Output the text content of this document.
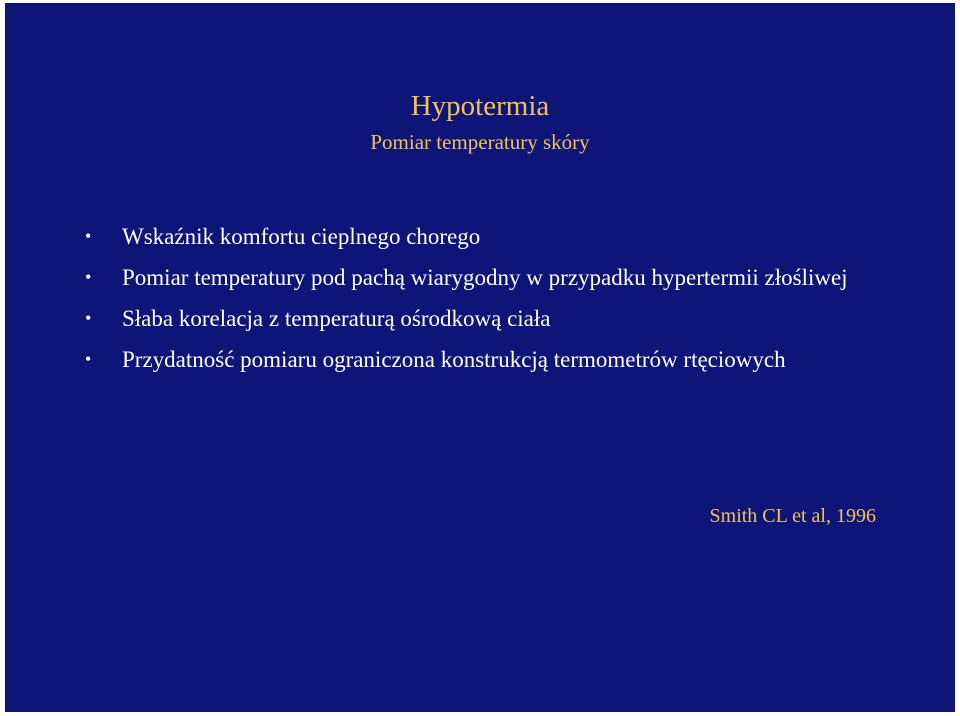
Hypotermia
Pomiar temperatury skóry
• Wskaźnik komfortu cieplnego chorego
• Pomiar temperatury pod pachą wiarygodny w przypadku hypertermii złośliwej
• Słaba korelacja z temperaturą ośrodkową ciała
• Przydatność pomiaru ograniczona konstrukcją termometrów rtęciowych
Smith CL et al, 1996
